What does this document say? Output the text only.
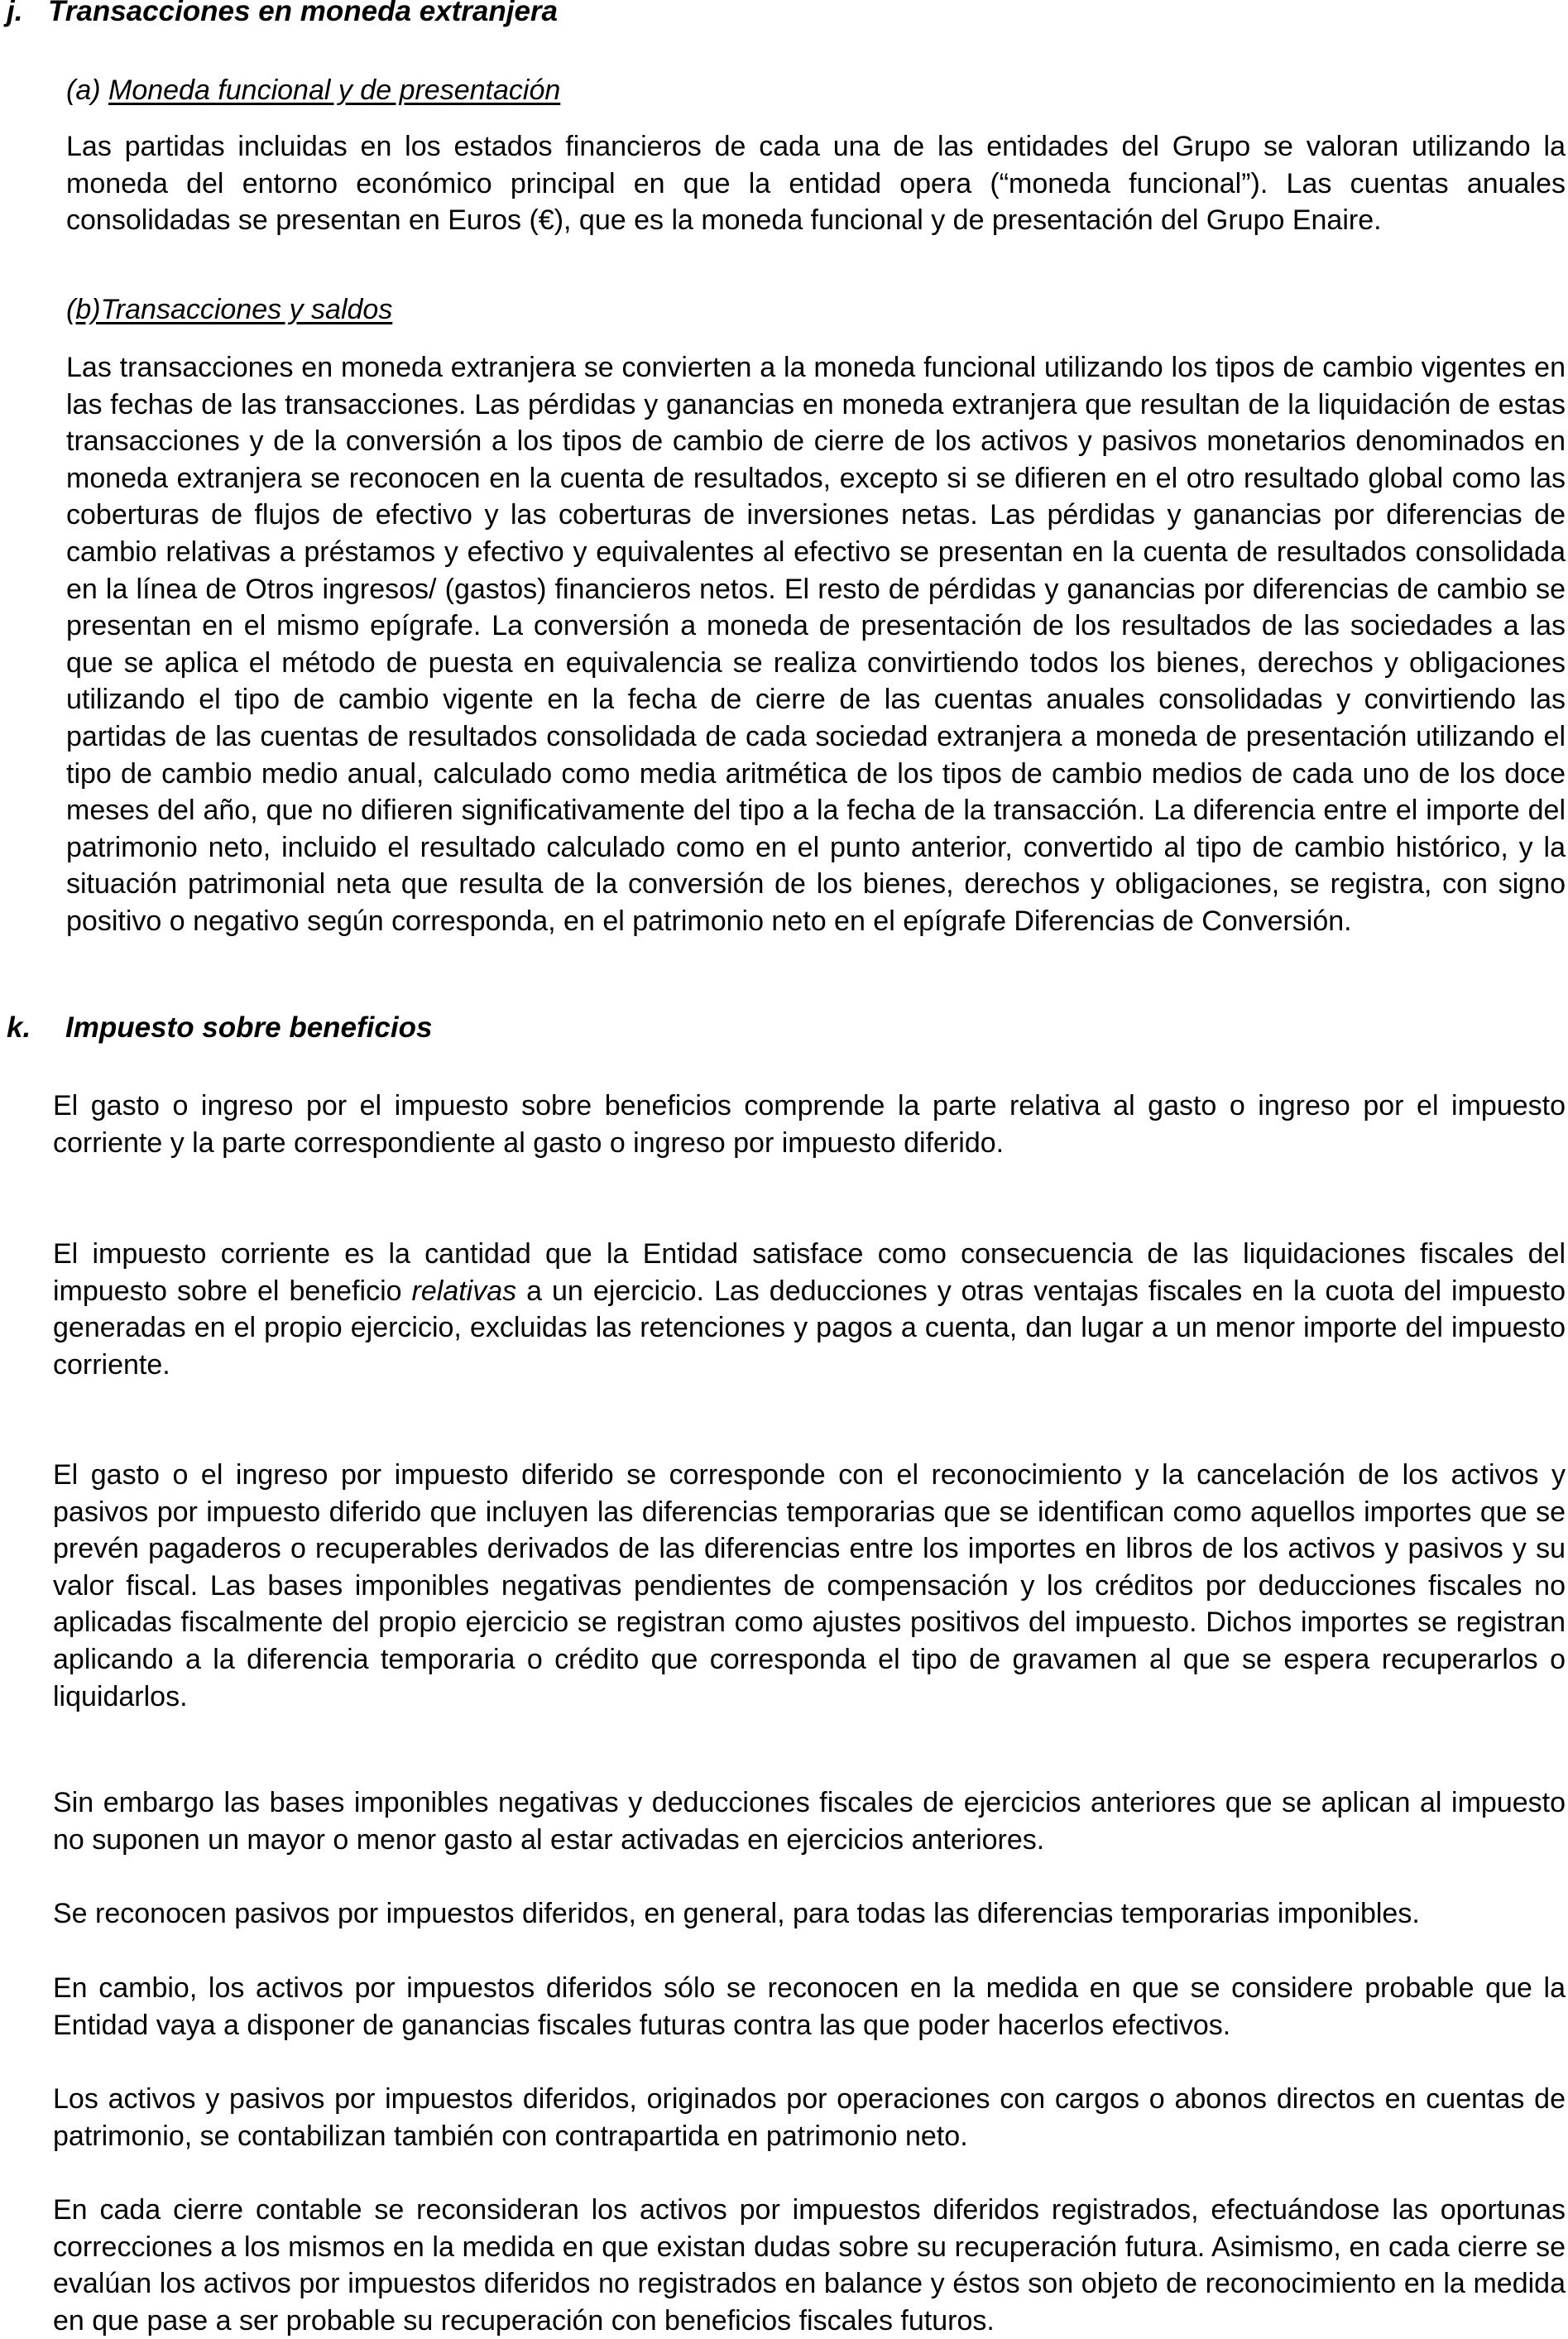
j. Transacciones en moneda extranjera
(a) Moneda funcional y de presentación

Las partidas incluidas en los estados financieros de cada una de las entidades del Grupo se valoran utilizando la moneda del entorno económico principal en que la entidad opera (“moneda funcional”). Las cuentas anuales consolidadas se presentan en Euros (€), que es la moneda funcional y de presentación del Grupo Enaire.

(b)Transacciones y saldos

Las transacciones en moneda extranjera se convierten a la moneda funcional utilizando los tipos de cambio vigentes en las fechas de las transacciones. Las pérdidas y ganancias en moneda extranjera que resultan de la liquidación de estas transacciones y de la conversión a los tipos de cambio de cierre de los activos y pasivos monetarios denominados en moneda extranjera se reconocen en la cuenta de resultados, excepto si se difieren en el otro resultado global como las coberturas de flujos de efectivo y las coberturas de inversiones netas. Las pérdidas y ganancias por diferencias de cambio relativas a préstamos y efectivo y equivalentes al efectivo se presentan en la cuenta de resultados consolidada en la línea de Otros ingresos/ (gastos) financieros netos. El resto de pérdidas y ganancias por diferencias de cambio se presentan en el mismo epígrafe. La conversión a moneda de presentación de los resultados de las sociedades a las que se aplica el método de puesta en equivalencia se realiza convirtiendo todos los bienes, derechos y obligaciones utilizando el tipo de cambio vigente en la fecha de cierre de las cuentas anuales consolidadas y convirtiendo las partidas de las cuentas de resultados consolidada de cada sociedad extranjera a moneda de presentación utilizando el tipo de cambio medio anual, calculado como media aritmética de los tipos de cambio medios de cada uno de los doce meses del año, que no difieren significativamente del tipo a la fecha de la transacción. La diferencia entre el importe del patrimonio neto, incluido el resultado calculado como en el punto anterior, convertido al tipo de cambio histórico, y la situación patrimonial neta que resulta de la conversión de los bienes, derechos y obligaciones, se registra, con signo positivo o negativo según corresponda, en el patrimonio neto en el epígrafe Diferencias de Conversión.

k. Impuesto sobre beneficios

El gasto o ingreso por el impuesto sobre beneficios comprende la parte relativa al gasto o ingreso por el impuesto corriente y la parte correspondiente al gasto o ingreso por impuesto diferido.

El impuesto corriente es la cantidad que la Entidad satisface como consecuencia de las liquidaciones fiscales del impuesto sobre el beneficio relativas a un ejercicio. Las deducciones y otras ventajas fiscales en la cuota del impuesto generadas en el propio ejercicio, excluidas las retenciones y pagos a cuenta, dan lugar a un menor importe del impuesto corriente.

El gasto o el ingreso por impuesto diferido se corresponde con el reconocimiento y la cancelación de los activos y pasivos por impuesto diferido que incluyen las diferencias temporarias que se identifican como aquellos importes que se prevén pagaderos o recuperables derivados de las diferencias entre los importes en libros de los activos y pasivos y su valor fiscal. Las bases imponibles negativas pendientes de compensación y los créditos por deducciones fiscales no aplicadas fiscalmente del propio ejercicio se registran como ajustes positivos del impuesto. Dichos importes se registran aplicando a la diferencia temporaria o crédito que corresponda el tipo de gravamen al que se espera recuperarlos o liquidarlos.

Sin embargo las bases imponibles negativas y deducciones fiscales de ejercicios anteriores que se aplican al impuesto no suponen un mayor o menor gasto al estar activadas en ejercicios anteriores.

Se reconocen pasivos por impuestos diferidos, en general, para todas las diferencias temporarias imponibles.

En cambio, los activos por impuestos diferidos sólo se reconocen en la medida en que se considere probable que la Entidad vaya a disponer de ganancias fiscales futuras contra las que poder hacerlos efectivos.

Los activos y pasivos por impuestos diferidos, originados por operaciones con cargos o abonos directos en cuentas de patrimonio, se contabilizan también con contrapartida en patrimonio neto.

En cada cierre contable se reconsideran los activos por impuestos diferidos registrados, efectuándose las oportunas correcciones a los mismos en la medida en que existan dudas sobre su recuperación futura. Asimismo, en cada cierre se evalúan los activos por impuestos diferidos no registrados en balance y éstos son objeto de reconocimiento en la medida en que pase a ser probable su recuperación con beneficios fiscales futuros.
